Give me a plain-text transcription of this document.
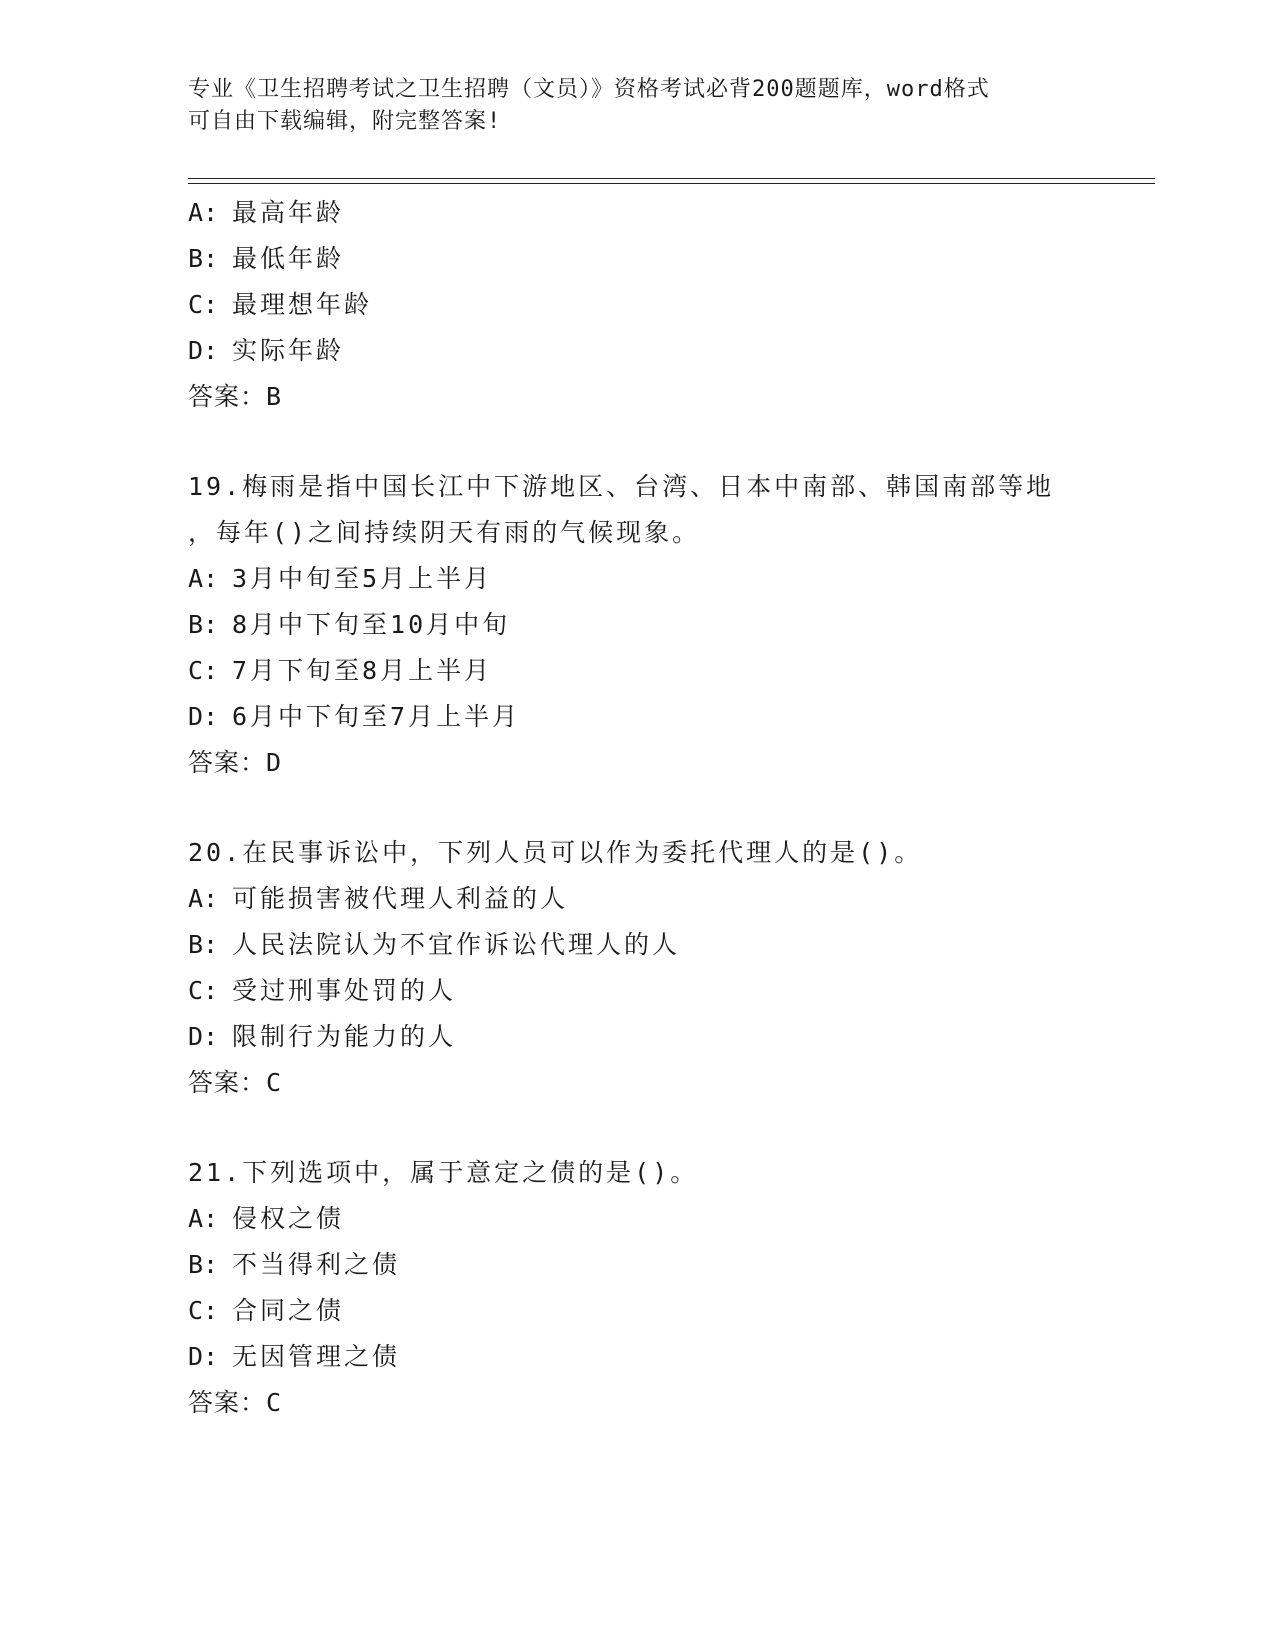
专业《卫生招聘考试之卫生招聘（文员）》资格考试必背200题题库，word格式
可自由下载编辑，附完整答案!
A: 最高年龄
B: 最低年龄
C: 最理想年龄
D: 实际年龄
答案：B
19.梅雨是指中国长江中下游地区、台湾、日本中南部、韩国南部等地
，每年()之间持续阴天有雨的气候现象。
A: 3月中旬至5月上半月
B: 8月中下旬至10月中旬
C: 7月下旬至8月上半月
D: 6月中下旬至7月上半月
答案：D
20.在民事诉讼中，下列人员可以作为委托代理人的是()。
A: 可能损害被代理人利益的人
B: 人民法院认为不宜作诉讼代理人的人
C: 受过刑事处罚的人
D: 限制行为能力的人
答案：C
21.下列选项中，属于意定之债的是()。
A: 侵权之债
B: 不当得利之债
C: 合同之债
D: 无因管理之债
答案：C
